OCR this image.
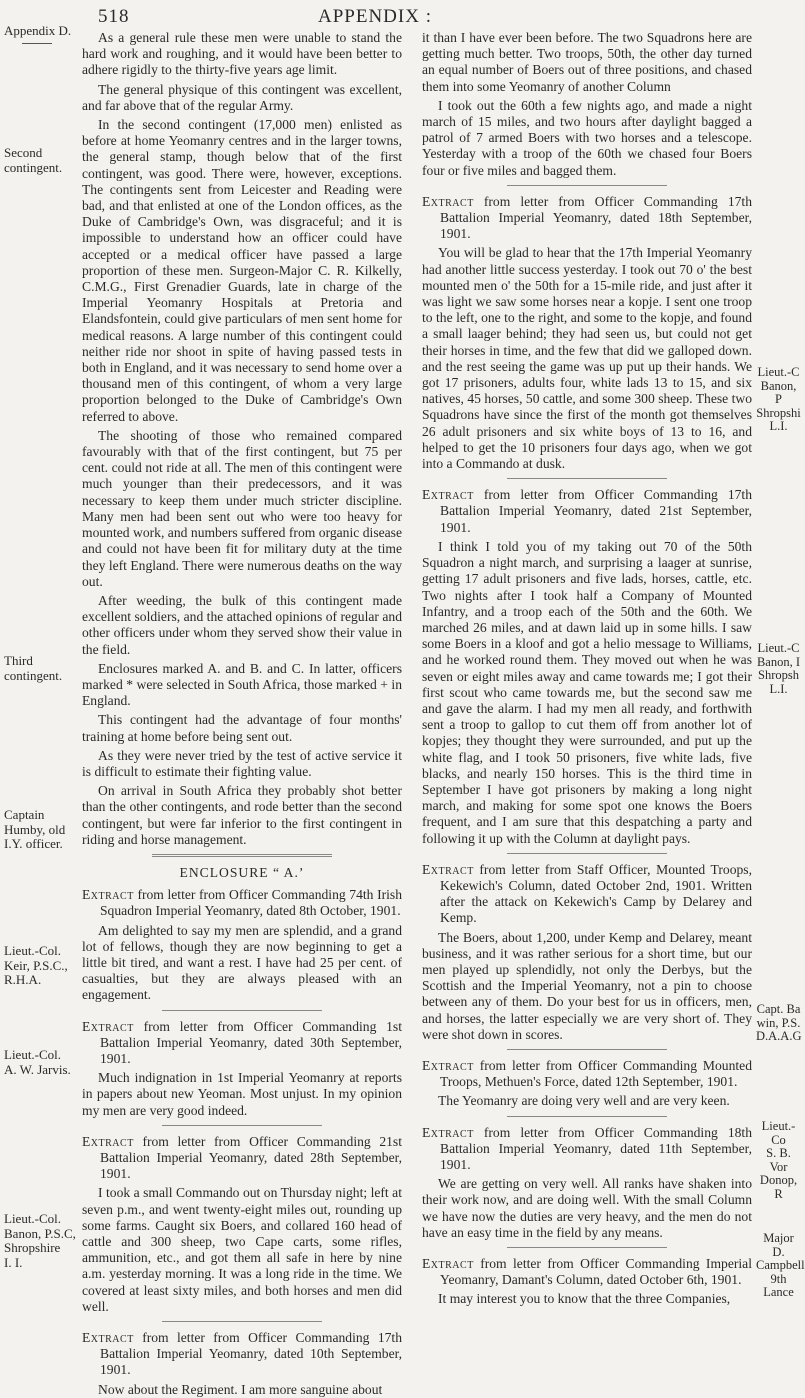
518	APPENDIX :
Appendix D.
Second
contingent.
Third
contingent.
Captain
Humby, old
I.Y. officer.
Lieut.-Col.
Keir, P.S.C.,
R.H.A.
Lieut.-Col.
A. W. Jarvis.
Lieut.-Col.
Banon, P.S.C,
Shropshire
I. I.
Lieut.-C
Banon, P
Shropshi
L.I.
Lieut.-C
Banon, I
Shropsh
L.I.
Capt. Ba
win, P.S.
D.A.A.G
Lieut.-Co
S. B. Vor
Donop, R
Major D.
Campbell
9th Lance

As a general rule these men were unable to stand the hard work and roughing, and it would have been better to adhere rigidly to the thirty-five years age limit.

The general physique of this contingent was excellent, and far above that of the regular Army.

In the second contingent (17,000 men) enlisted as before at home Yeomanry centres and in the larger towns, the general stamp, though below that of the first contingent, was good. There were, however, exceptions. The contingents sent from Leicester and Reading were bad, and that enlisted at one of the London offices, as the Duke of Cambridge's Own, was disgraceful; and it is impossible to understand how an officer could have accepted or a medical officer have passed a large proportion of these men. Surgeon-Major C. R. Kilkelly, C.M.G., First Grenadier Guards, late in charge of the Imperial Yeomanry Hospitals at Pretoria and Elandsfontein, could give particulars of men sent home for medical reasons. A large number of this contingent could neither ride nor shoot in spite of having passed tests in both in England, and it was necessary to send home over a thousand men of this contingent, of whom a very large proportion belonged to the Duke of Cambridge's Own referred to above.

The shooting of those who remained compared favourably with that of the first contingent, but 75 per cent. could not ride at all. The men of this contingent were much younger than their predecessors, and it was necessary to keep them under much stricter discipline. Many men had been sent out who were too heavy for mounted work, and numbers suffered from organic disease and could not have been fit for military duty at the time they left England. There were numerous deaths on the way out.

After weeding, the bulk of this contingent made excellent soldiers, and the attached opinions of regular and other officers under whom they served show their value in the field.

Enclosures marked A. and B. and C. In latter, officers marked * were selected in South Africa, those marked + in England.

This contingent had the advantage of four months' training at home before being sent out.

As they were never tried by the test of active service it is difficult to estimate their fighting value.

On arrival in South Africa they probably shot better than the other contingents, and rode better than the second contingent, but were far inferior to the first contingent in riding and horse management.

ENCLOSURE “ A.’

Extract from letter from Officer Commanding 74th Irish Squadron Imperial Yeomanry, dated 8th October, 1901.

Am delighted to say my men are splendid, and a grand lot of fellows, though they are now beginning to get a little bit tired, and want a rest. I have had 25 per cent. of casualties, but they are always pleased with an engagement.

Extract from letter from Officer Commanding 1st Battalion Imperial Yeomanry, dated 30th September, 1901.

Much indignation in 1st Imperial Yeomanry at reports in papers about new Yeoman. Most unjust. In my opinion my men are very good indeed.

Extract from letter from Officer Commanding 21st Battalion Imperial Yeomanry, dated 28th September, 1901.

I took a small Commando out on Thursday night; left at seven p.m., and went twenty-eight miles out, rounding up some farms. Caught six Boers, and collared 160 head of cattle and 300 sheep, two Cape carts, some rifles, ammunition, etc., and got them all safe in here by nine a.m. yesterday morning. It was a long ride in the time. We covered at least sixty miles, and both horses and men did well.

Extract from letter from Officer Commanding 17th Battalion Imperial Yeomanry, dated 10th September, 1901.

Now about the Regiment. I am more sanguine about

it than I have ever been before. The two Squadrons here are getting much better. Two troops, 50th, the other day turned an equal number of Boers out of three positions, and chased them into some Yeomanry of another Column

I took out the 60th a few nights ago, and made a night march of 15 miles, and two hours after daylight bagged a patrol of 7 armed Boers with two horses and a telescope. Yesterday with a troop of the 60th we chased four Boers four or five miles and bagged them.

Extract from letter from Officer Commanding 17th Battalion Imperial Yeomanry, dated 18th September, 1901.

You will be glad to hear that the 17th Imperial Yeomanry had another little success yesterday. I took out 70 o' the best mounted men o' the 50th for a 15-mile ride, and just after it was light we saw some horses near a kopje. I sent one troop to the left, one to the right, and some to the kopje, and found a small laager behind; they had seen us, but could not get their horses in time, and the few that did we galloped down. and the rest seeing the game was up put up their hands. We got 17 prisoners, adults four, white lads 13 to 15, and six natives, 45 horses, 50 cattle, and some 300 sheep. These two Squadrons have since the first of the month got themselves 26 adult prisoners and six white boys of 13 to 16, and helped to get the 10 prisoners four days ago, when we got into a Commando at dusk.

Extract from letter from Officer Commanding 17th Battalion Imperial Yeomanry, dated 21st September, 1901.

I think I told you of my taking out 70 of the 50th Squadron a night march, and surprising a laager at sunrise, getting 17 adult prisoners and five lads, horses, cattle, etc. Two nights after I took half a Company of Mounted Infantry, and a troop each of the 50th and the 60th. We marched 26 miles, and at dawn laid up in some hills. I saw some Boers in a kloof and got a helio message to Williams, and he worked round them. They moved out when he was seven or eight miles away and came towards me; I got their first scout who came towards me, but the second saw me and gave the alarm. I had my men all ready, and forthwith sent a troop to gallop to cut them off from another lot of kopjes; they thought they were surrounded, and put up the white flag, and I took 50 prisoners, five white lads, five blacks, and nearly 150 horses. This is the third time in September I have got prisoners by making a long night march, and making for some spot one knows the Boers frequent, and I am sure that this despatching a party and following it up with the Column at daylight pays.

Extract from letter from Staff Officer, Mounted Troops, Kekewich's Column, dated October 2nd, 1901. Written after the attack on Kekewich's Camp by Delarey and Kemp.

The Boers, about 1,200, under Kemp and Delarey, meant business, and it was rather serious for a short time, but our men played up splendidly, not only the Derbys, but the Scottish and the Imperial Yeomanry, not a pin to choose between any of them. Do your best for us in officers, men, and horses, the latter especially we are very short of. They were shot down in scores.

Extract from letter from Officer Commanding Mounted Troops, Methuen's Force, dated 12th September, 1901.

The Yeomanry are doing very well and are very keen.

Extract from letter from Officer Commanding 18th Battalion Imperial Yeomanry, dated 11th September, 1901.

We are getting on very well. All ranks have shaken into their work now, and are doing well. With the small Column we have now the duties are very heavy, and the men do not have an easy time in the field by any means.

Extract from letter from Officer Commanding Imperial Yeomanry, Damant's Column, dated October 6th, 1901.

It may interest you to know that the three Companies,
